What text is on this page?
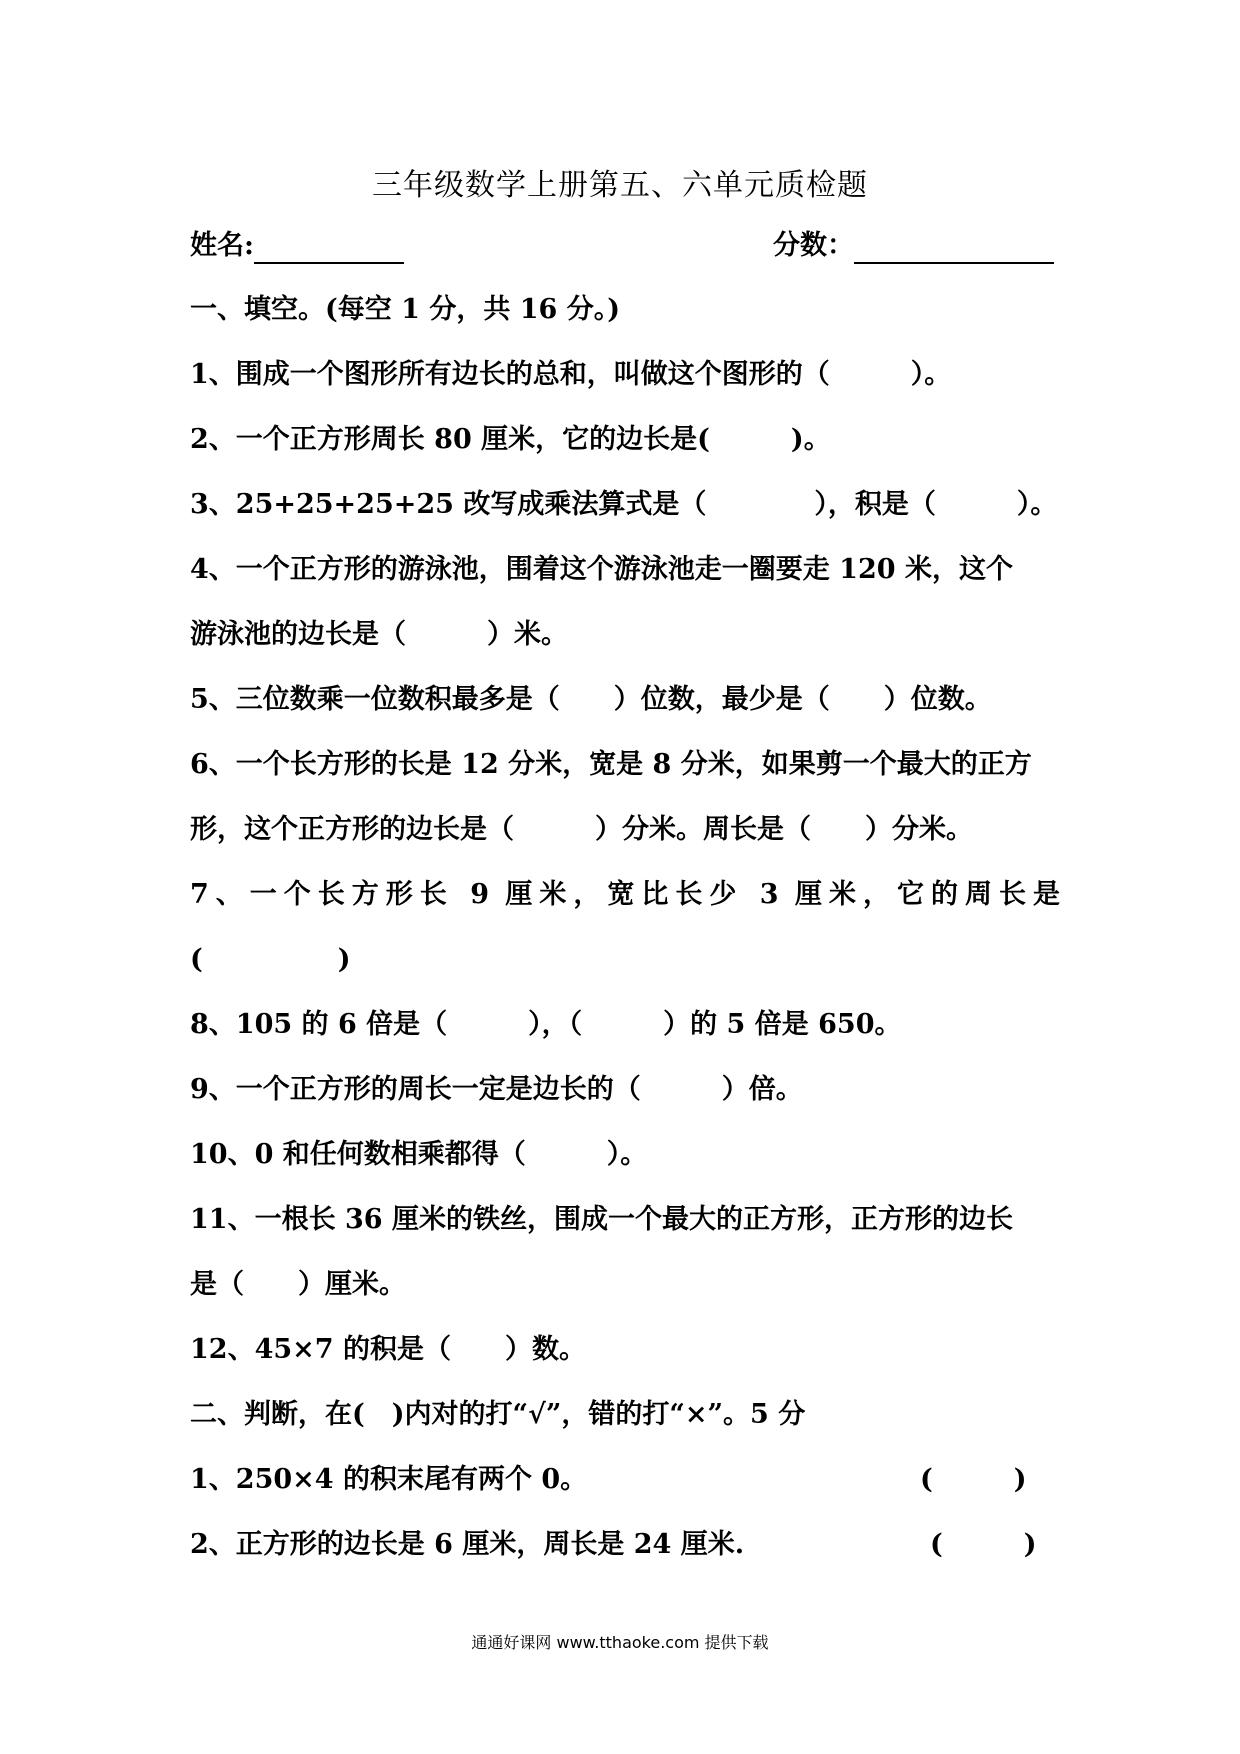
三年级数学上册第五、六单元质检题
姓名:	分数：
一、填空。(每空 1 分，共 16 分。)
1、围成一个图形所有边长的总和，叫做这个图形的（　　　）。
2、一个正方形周长 80 厘米，它的边长是(　　　)。
3、25+25+25+25 改写成乘法算式是（　　　　），积是（　　　）。
4、一个正方形的游泳池，围着这个游泳池走一圈要走 120 米，这个
游泳池的边长是（　　　）米。
5、三位数乘一位数积最多是（　　）位数，最少是（　　）位数。
6、一个长方形的长是 12 分米，宽是 8 分米，如果剪一个最大的正方
形，这个正方形的边长是（　　　）分米。周长是（　　）分米。
7、一个长方形长 9 厘米，宽比长少 3 厘米，它的周长是
(　　　　　)
8、105 的 6 倍是（　　　），（　　　）的 5 倍是 650。
9、一个正方形的周长一定是边长的（　　　）倍。
10、0 和任何数相乘都得（　　　）。
11、一根长 36 厘米的铁丝，围成一个最大的正方形，正方形的边长
是（　　）厘米。
12、45×7 的积是（　　）数。
二、判断，在(　)内对的打“√”，错的打“×”。5 分
1、250×4 的积末尾有两个 0。	(　　　)
2、正方形的边长是 6 厘米，周长是 24 厘米.	(　　　)
通通好课网 www.tthaoke.com 提供下载
